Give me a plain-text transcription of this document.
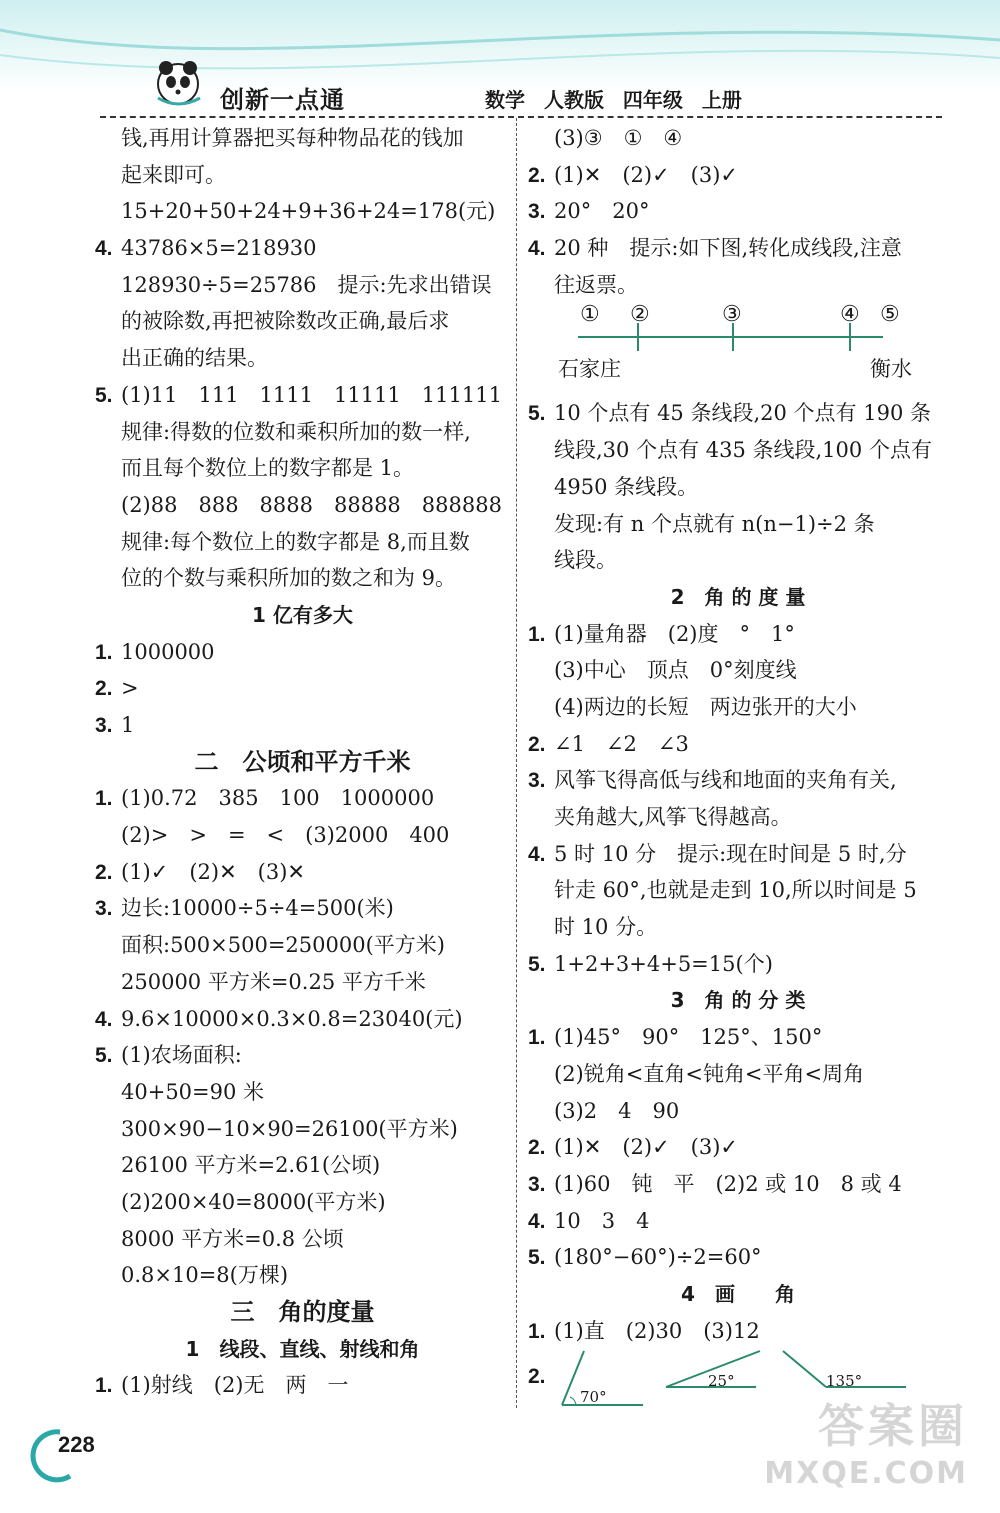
创新一点通	数学 人教版 四年级 上册
钱,再用计算器把买每种物品花的钱加
起来即可。
15+20+50+24+9+36+24=178(元)
4. 43786×5=218930
128930÷5=25786　提示:先求出错误
的被除数,再把被除数改正确,最后求
出正确的结果。
5. (1)11　111　1111　11111　111111
规律:得数的位数和乘积所加的数一样,
而且每个数位上的数字都是 1。
(2)88　888　8888　88888　888888
规律:每个数位上的数字都是 8,而且数
位的个数与乘积所加的数之和为 9。
1 亿有多大
1. 1000000
2. >
3. 1
二　公顷和平方千米
1. (1)0.72　385　100　1000000
(2)>　>　=　<　(3)2000　400
2. (1)✓　(2)✕　(3)✕
3. 边长:10000÷5÷4=500(米)
面积:500×500=250000(平方米)
250000 平方米=0.25 平方千米
4. 9.6×10000×0.3×0.8=23040(元)
5. (1)农场面积:
40+50=90 米
300×90−10×90=26100(平方米)
26100 平方米=2.61(公顷)
(2)200×40=8000(平方米)
8000 平方米=0.8 公顷
0.8×10=8(万棵)
三　角的度量
1　线段、直线、射线和角
1. (1)射线　(2)无　两　一
(3)③　①　④
2. (1)✕　(2)✓　(3)✓
3. 20°　20°
4. 20 种　提示:如下图,转化成线段,注意
往返票。
① ②	③	④ ⑤
石家庄	衡水
5. 10 个点有 45 条线段,20 个点有 190 条
线段,30 个点有 435 条线段,100 个点有
4950 条线段。
发现:有 n 个点就有 n(n−1)÷2 条
线段。
2　角 的 度 量
1. (1)量角器　(2)度　°　1°
(3)中心　顶点　0°刻度线
(4)两边的长短　两边张开的大小
2. ∠1　∠2　∠3
3. 风筝飞得高低与线和地面的夹角有关,
夹角越大,风筝飞得越高。
4. 5 时 10 分　提示:现在时间是 5 时,分
针走 60°,也就是走到 10,所以时间是 5
时 10 分。
5. 1+2+3+4+5=15(个)
3　角 的 分 类
1. (1)45°　90°　125°、150°
(2)锐角<直角<钝角<平角<周角
(3)2　4　90
2. (1)✕　(2)✓　(3)✓
3. (1)60　钝　平　(2)2 或 10　8 或 4
4. 10　3　4
5. (180°−60°)÷2=60°
4　画　　角
1. (1)直　(2)30　(3)12
2.
70°
25°	135°
228	答案圈
MXQE.COM
